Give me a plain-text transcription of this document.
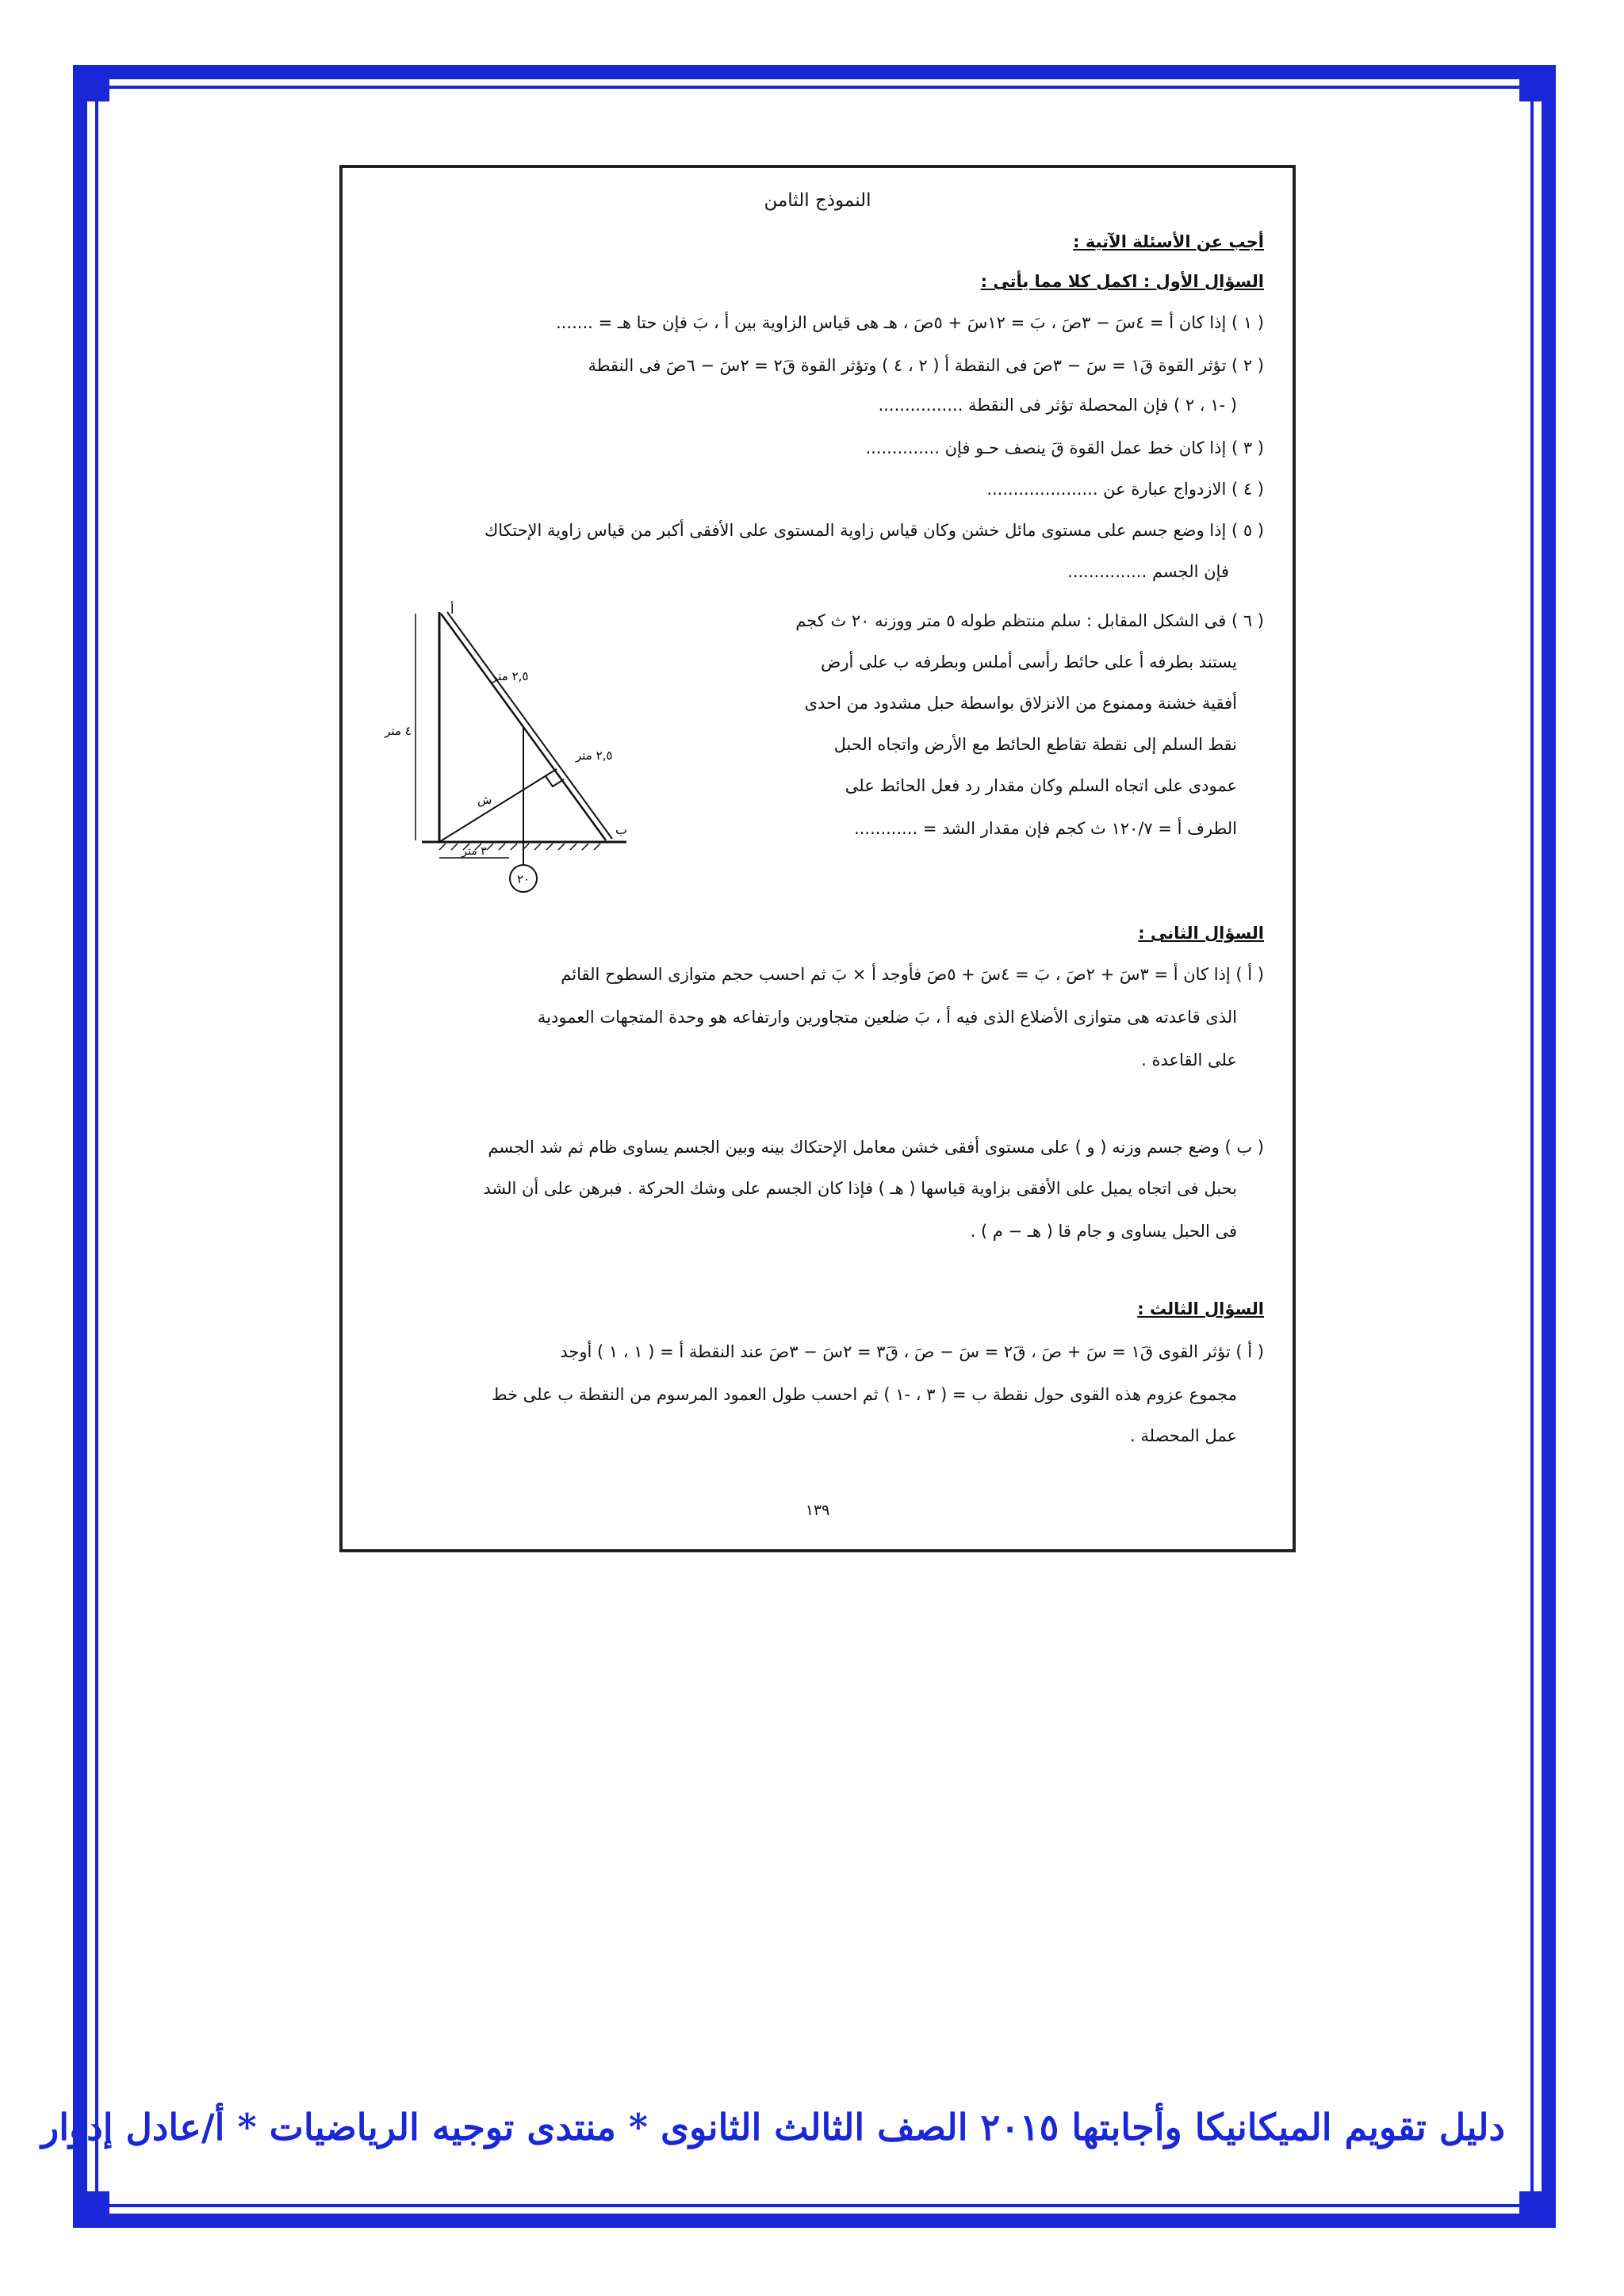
النموذج الثامن
أجب عن الأسئلة الآتية :
السؤال الأول : اكمل كلا مما يأتى :
( ١ ) إذا كان أ = ٤سَ − ٣صَ ، بَ = ١٢سَ + ٥صَ ، هـ هى قياس الزاوية بين أ ، بَ فإن حتا هـ = .......
( ٢ ) تؤثر القوة قَ١ = سَ − ٣صَ فى النقطة أ ( ٢ ، ٤ ) وتؤثر القوة قَ٢ = ٢سَ − ٦صَ فى النقطة
( -١ ، ٢ ) فإن المحصلة تؤثر فى النقطة ................
( ٣ ) إذا كان خط عمل القوة قَ ينصف حـو فإن ..............
( ٤ ) الازدواج عبارة عن .....................
( ٥ ) إذا وضع جسم على مستوى مائل خشن وكان قياس زاوية المستوى على الأفقى أكبر من قياس زاوية الإحتكاك
فإن الجسم ...............
( ٦ ) فى الشكل المقابل : سلم منتظم طوله ٥ متر ووزنه ٢٠ ث كجم
يستند بطرفه أ على حائط رأسى أملس وبطرفه ب على أرض
أفقية خشنة وممنوع من الانزلاق بواسطة حبل مشدود من احدى
نقط السلم إلى نقطة تقاطع الحائط مع الأرض واتجاه الحبل
عمودى على اتجاه السلم وكان مقدار رد فعل الحائط على
الطرف أ = ١٢٠/٧ ث كجم فإن مقدار الشد = ............
٢٠
٤ متر
٣ متر
أ
ب
ش
٢,٥ متر
٢,٥ متر
السؤال الثانى :
( أ ) إذا كان أ = ٣سَ + ٢صَ ، بَ = ٤سَ + ٥صَ فأوجد أ × بَ ثم احسب حجم متوازى السطوح القائم
الذى قاعدته هى متوازى الأضلاع الذى فيه أ ، بَ ضلعين متجاورين وارتفاعه هو وحدة المتجهات العمودية
على القاعدة .
( ب ) وضع جسم وزنه ( و ) على مستوى أفقى خشن معامل الإحتكاك بينه وبين الجسم يساوى ظام ثم شد الجسم
بحبل فى اتجاه يميل على الأفقى بزاوية قياسها ( هـ ) فإذا كان الجسم على وشك الحركة . فبرهن على أن الشد
فى الحبل يساوى و جام قا ( هـ − م ) .
السؤال الثالث :
( أ ) تؤثر القوى قَ١ = سَ + صَ ، قَ٢ = سَ − صَ ، قَ٣ = ٢سَ − ٣صَ عند النقطة أ = ( ١ ، ١ ) أوجد
مجموع عزوم هذه القوى حول نقطة ب = ( ٣ ، -١ ) ثم احسب طول العمود المرسوم من النقطة ب على خط
عمل المحصلة .
١٣٩
دليل تقويم الميكانيكا وأجابتها ٢٠١٥ الصف الثالث الثانوى * منتدى توجيه الرياضيات * أ/عادل إدوار
